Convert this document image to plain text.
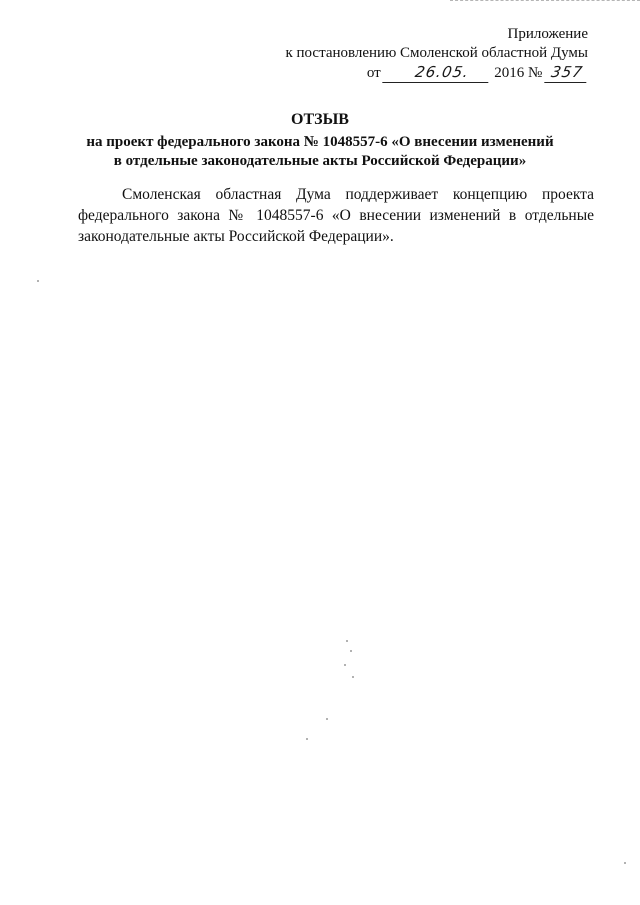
Приложение
к постановлению Смоленской областной Думы
от 26.05. 2016 № 357
ОТЗЫВ
на проект федерального закона № 1048557-6 «О внесении изменений
в отдельные законодательные акты Российской Федерации»
Смоленская областная Дума поддерживает концепцию проекта федерального закона № 1048557-6 «О внесении изменений в отдельные законодательные акты Российской Федерации».
